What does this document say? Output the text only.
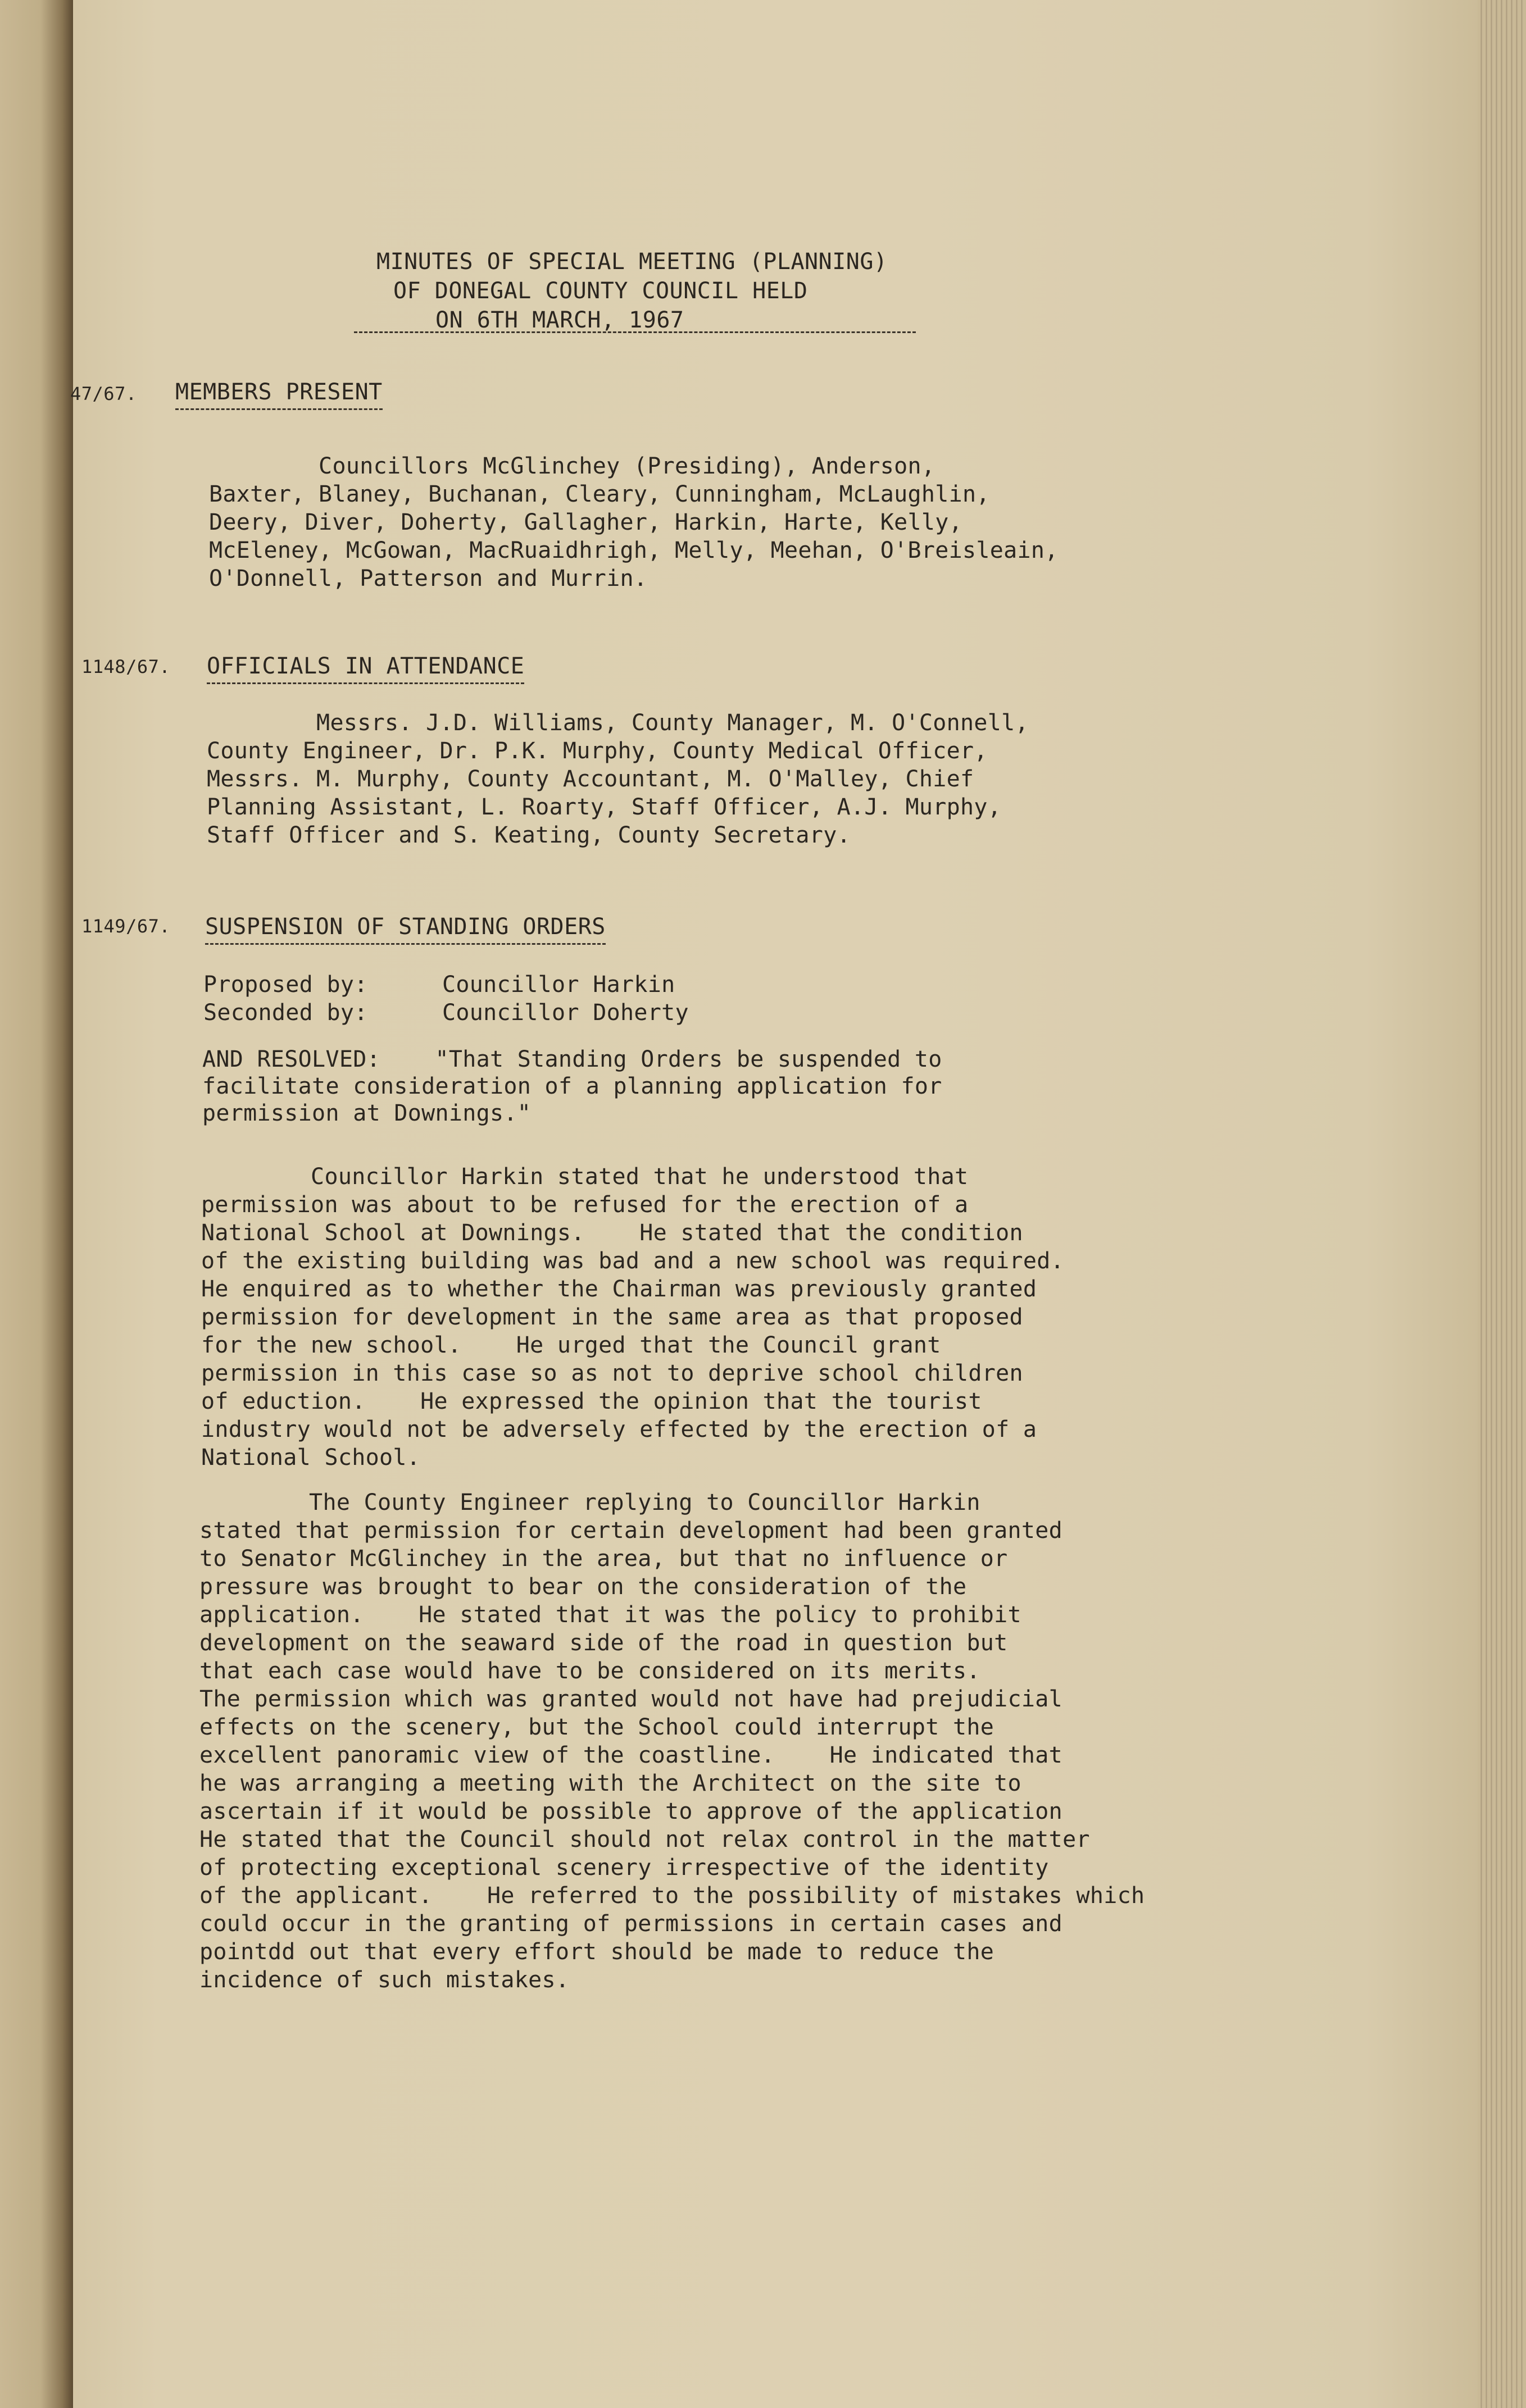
MINUTES OF SPECIAL MEETING (PLANNING)
OF DONEGAL COUNTY COUNCIL HELD
ON 6TH MARCH, 1967
47/67. MEMBERS PRESENT
Councillors McGlinchey (Presiding), Anderson,
Baxter, Blaney, Buchanan, Cleary, Cunningham, McLaughlin,
Deery, Diver, Doherty, Gallagher, Harkin, Harte, Kelly,
McEleney, McGowan, MacRuaidhrigh, Melly, Meehan, O'Breisleain,
O'Donnell, Patterson and Murrin.
1148/67. OFFICIALS IN ATTENDANCE
Messrs. J.D. Williams, County Manager, M. O'Connell,
County Engineer, Dr. P.K. Murphy, County Medical Officer,
Messrs. M. Murphy, County Accountant, M. O'Malley, Chief
Planning Assistant, L. Roarty, Staff Officer, A.J. Murphy,
Staff Officer and S. Keating, County Secretary.
1149/67. SUSPENSION OF STANDING ORDERS
Proposed by:	Councillor Harkin
Seconded by:	Councillor Doherty
AND RESOLVED:    "That Standing Orders be suspended to
facilitate consideration of a planning application for
permission at Downings."
Councillor Harkin stated that he understood that
permission was about to be refused for the erection of a
National School at Downings.    He stated that the condition
of the existing building was bad and a new school was required.
He enquired as to whether the Chairman was previously granted
permission for development in the same area as that proposed
for the new school.    He urged that the Council grant
permission in this case so as not to deprive school children
of eduction.    He expressed the opinion that the tourist
industry would not be adversely effected by the erection of a
National School.
The County Engineer replying to Councillor Harkin
stated that permission for certain development had been granted
to Senator McGlinchey in the area, but that no influence or
pressure was brought to bear on the consideration of the
application.    He stated that it was the policy to prohibit
development on the seaward side of the road in question but
that each case would have to be considered on its merits.
The permission which was granted would not have had prejudicial
effects on the scenery, but the School could interrupt the
excellent panoramic view of the coastline.    He indicated that
he was arranging a meeting with the Architect on the site to
ascertain if it would be possible to approve of the application
He stated that the Council should not relax control in the matter
of protecting exceptional scenery irrespective of the identity
of the applicant.    He referred to the possibility of mistakes which
could occur in the granting of permissions in certain cases and
pointdd out that every effort should be made to reduce the
incidence of such mistakes.
